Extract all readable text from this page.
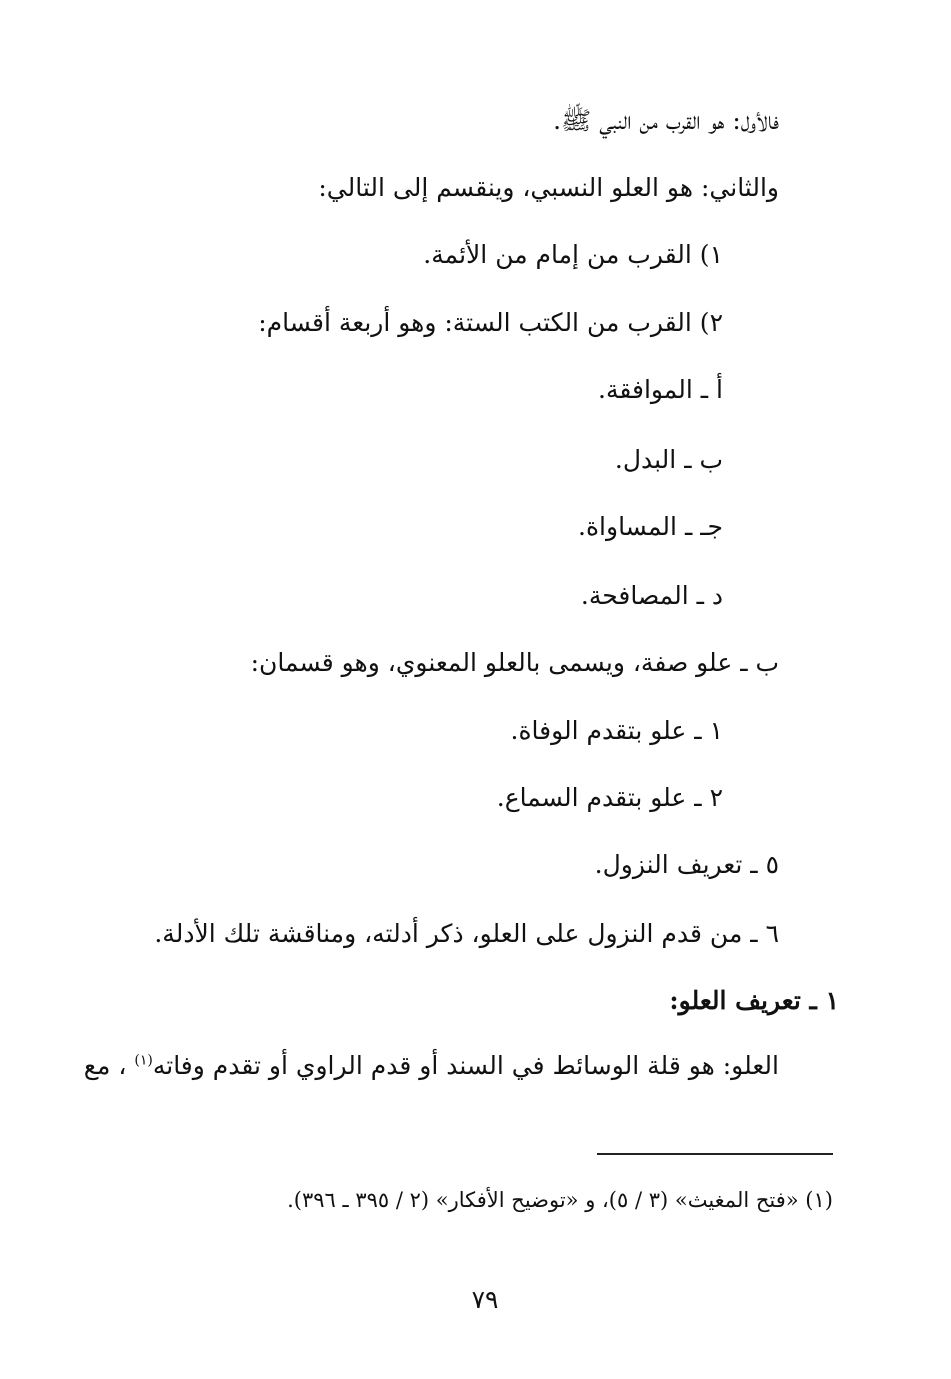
فالأول: هو القرب من النبي ﷺ.
والثاني: هو العلو النسبي، وينقسم إلى التالي:
١) القرب من إمام من الأئمة.
٢) القرب من الكتب الستة: وهو أربعة أقسام:
أ ـ الموافقة.
ب ـ البدل.
جـ ـ المساواة.
د ـ المصافحة.
ب ـ علو صفة، ويسمى بالعلو المعنوي، وهو قسمان:
١ ـ علو بتقدم الوفاة.
٢ ـ علو بتقدم السماع.
٥ ـ تعريف النزول.
٦ ـ من قدم النزول على العلو، ذكر أدلته، ومناقشة تلك الأدلة.
١ ـ تعريف العلو:
العلو: هو قلة الوسائط في السند أو قدم الراوي أو تقدم وفاته$^{(١)}$ ، مع
(١) «فتح المغيث» (٣ / ٥)، و «توضيح الأفكار» (٢ / ٣٩٥ ـ ٣٩٦).
٧٩
